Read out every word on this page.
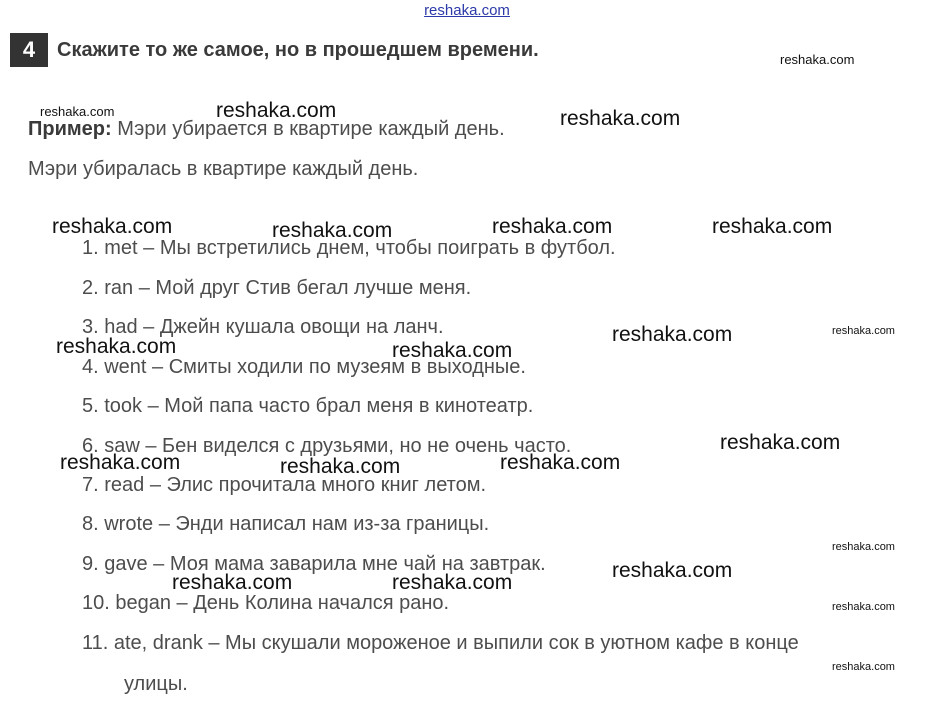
reshaka.com
4	Скажите то же самое, но в прошедшем времени.
Пример: Мэри убирается в квартире каждый день.
Мэри убиралась в квартире каждый день.
1. met – Мы встретились днем, чтобы поиграть в футбол.
2. ran – Мой друг Стив бегал лучше меня.
3. had – Джейн кушала овощи на ланч.
4. went – Смиты ходили по музеям в выходные.
5. took – Мой папа часто брал меня в кинотеатр.
6. saw – Бен виделся с друзьями, но не очень часто.
7. read – Элис прочитала много книг летом.
8. wrote – Энди написал нам из-за границы.
9. gave – Моя мама заварила мне чай на завтрак.
10. began – День Колина начался рано.
11. ate, drank – Мы скушали мороженое и выпили сок в уютном кафе в конце
улицы.
reshaka.com
reshaka.com	reshaka.com	reshaka.com
reshaka.com	reshaka.com	reshaka.com	reshaka.com
reshaka.com	reshaka.com
reshaka.com	reshaka.com
reshaka.com
reshaka.com	reshaka.com	reshaka.com
reshaka.com
reshaka.com
reshaka.com	reshaka.com
reshaka.com
reshaka.com
